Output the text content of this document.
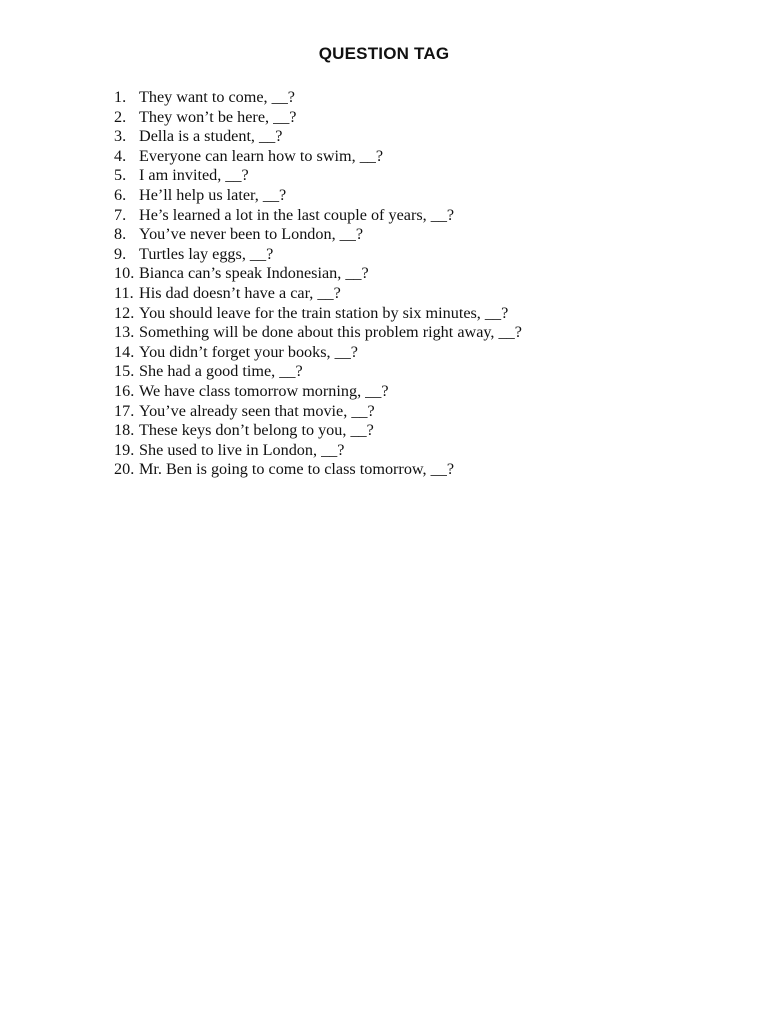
QUESTION TAG
1. They want to come, __?
2. They won’t be here, __?
3. Della is a student, __?
4. Everyone can learn how to swim, __?
5. I am invited, __?
6. He’ll help us later, __?
7. He’s learned a lot in the last couple of years, __?
8. You’ve never been to London, __?
9. Turtles lay eggs, __?
10. Bianca can’s speak Indonesian, __?
11. His dad doesn’t have a car, __?
12. You should leave for the train station by six minutes, __?
13. Something will be done about this problem right away, __?
14. You didn’t forget your books, __?
15. She had a good time, __?
16. We have class tomorrow morning, __?
17. You’ve already seen that movie, __?
18. These keys don’t belong to you, __?
19. She used to live in London, __?
20. Mr. Ben is going to come to class tomorrow, __?
